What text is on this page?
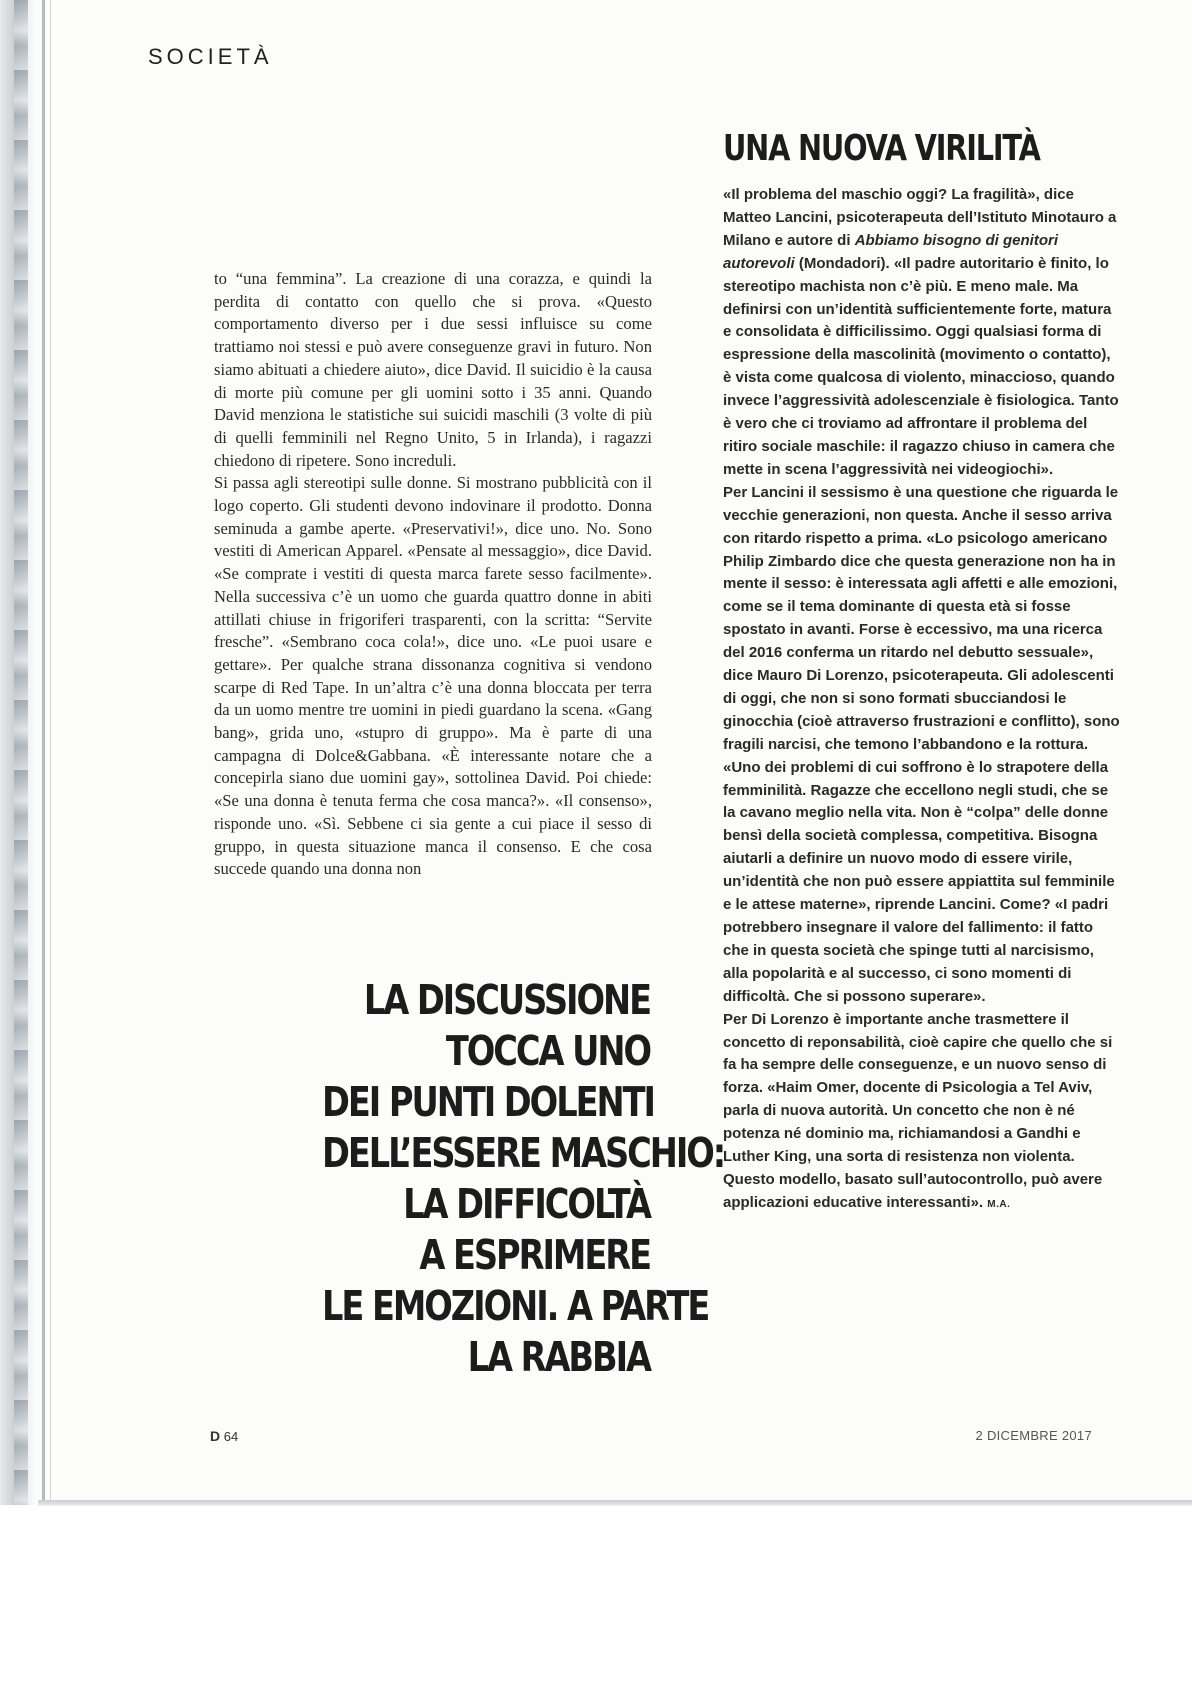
SOCIETÀ

to “una femmina”. La creazione di una corazza, e quindi la perdita di contatto con quello che si prova. «Questo comportamento diverso per i due sessi influisce su come trattiamo noi stessi e può avere conseguenze gravi in futuro. Non siamo abituati a chiedere aiuto», dice David. Il suicidio è la causa di morte più comune per gli uomini sotto i 35 anni. Quando David menziona le statistiche sui suicidi maschili (3 volte di più di quelli femminili nel Regno Unito, 5 in Irlanda), i ragazzi chiedono di ripetere. Sono increduli.

Si passa agli stereotipi sulle donne. Si mostrano pubblicità con il logo coperto. Gli studenti devono indovinare il prodotto. Donna seminuda a gambe aperte. «Preservativi!», dice uno. No. Sono vestiti di American Apparel. «Pensate al messaggio», dice David. «Se comprate i vestiti di questa marca farete sesso facilmente». Nella successiva c’è un uomo che guarda quattro donne in abiti attillati chiuse in frigoriferi trasparenti, con la scritta: “Servite fresche”. «Sembrano coca cola!», dice uno. «Le puoi usare e gettare». Per qualche strana dissonanza cognitiva si vendono scarpe di Red Tape. In un’altra c’è una donna bloccata per terra da un uomo mentre tre uomini in piedi guardano la scena. «Gang bang», grida uno, «stupro di gruppo». Ma è parte di una campagna di Dolce&Gabbana. «È interessante notare che a concepirla siano due uomini gay», sottolinea David. Poi chiede: «Se una donna è tenuta ferma che cosa manca?». «Il consenso», risponde uno. «Sì. Sebbene ci sia gente a cui piace il sesso di gruppo, in questa situazione manca il consenso. E che cosa succede quando una donna non

LA DISCUSSIONE
TOCCA UNO
DEI PUNTI DOLENTI
DELL’ESSERE MASCHIO:
LA DIFFICOLTÀ
A ESPRIMERE
LE EMOZIONI. A PARTE
LA RABBIA
UNA NUOVA VIRILITÀ

«Il problema del maschio oggi? La fragilità», dice Matteo Lancini, psicoterapeuta dell’Istituto Minotauro a Milano e autore di Abbiamo bisogno di genitori autorevoli (Mondadori). «Il padre autoritario è finito, lo stereotipo machista non c’è più. E meno male. Ma definirsi con un’identità sufficientemente forte, matura e consolidata è difficilissimo. Oggi qualsiasi forma di espressione della mascolinità (movimento o contatto), è vista come qualcosa di violento, minaccioso, quando invece l’aggressività adolescenziale è fisiologica. Tanto è vero che ci troviamo ad affrontare il problema del ritiro sociale maschile: il ragazzo chiuso in camera che mette in scena l’aggressività nei videogiochi».

Per Lancini il sessismo è una questione che riguarda le vecchie generazioni, non questa. Anche il sesso arriva con ritardo rispetto a prima. «Lo psicologo americano Philip Zimbardo dice che questa generazione non ha in mente il sesso: è interessata agli affetti e alle emozioni, come se il tema dominante di questa età si fosse spostato in avanti. Forse è eccessivo, ma una ricerca del 2016 conferma un ritardo nel debutto sessuale», dice Mauro Di Lorenzo, psicoterapeuta. Gli adolescenti di oggi, che non si sono formati sbucciandosi le ginocchia (cioè attraverso frustrazioni e conflitto), sono fragili narcisi, che temono l’abbandono e la rottura.

«Uno dei problemi di cui soffrono è lo strapotere della femminilità. Ragazze che eccellono negli studi, che se la cavano meglio nella vita. Non è “colpa” delle donne bensì della società complessa, competitiva. Bisogna aiutarli a definire un nuovo modo di essere virile, un’identità che non può essere appiattita sul femminile e le attese materne», riprende Lancini. Come? «I padri potrebbero insegnare il valore del fallimento: il fatto che in questa società che spinge tutti al narcisismo, alla popolarità e al successo, ci sono momenti di difficoltà. Che si possono superare».

Per Di Lorenzo è importante anche trasmettere il concetto di reponsabilità, cioè capire che quello che si fa ha sempre delle conseguenze, e un nuovo senso di forza. «Haim Omer, docente di Psicologia a Tel Aviv, parla di nuova autorità. Un concetto che non è né potenza né dominio ma, richiamandosi a Gandhi e Luther King, una sorta di resistenza non violenta. Questo modello, basato sull’autocontrollo, può avere applicazioni educative interessanti». M.A.

D 64	2 DICEMBRE 2017
